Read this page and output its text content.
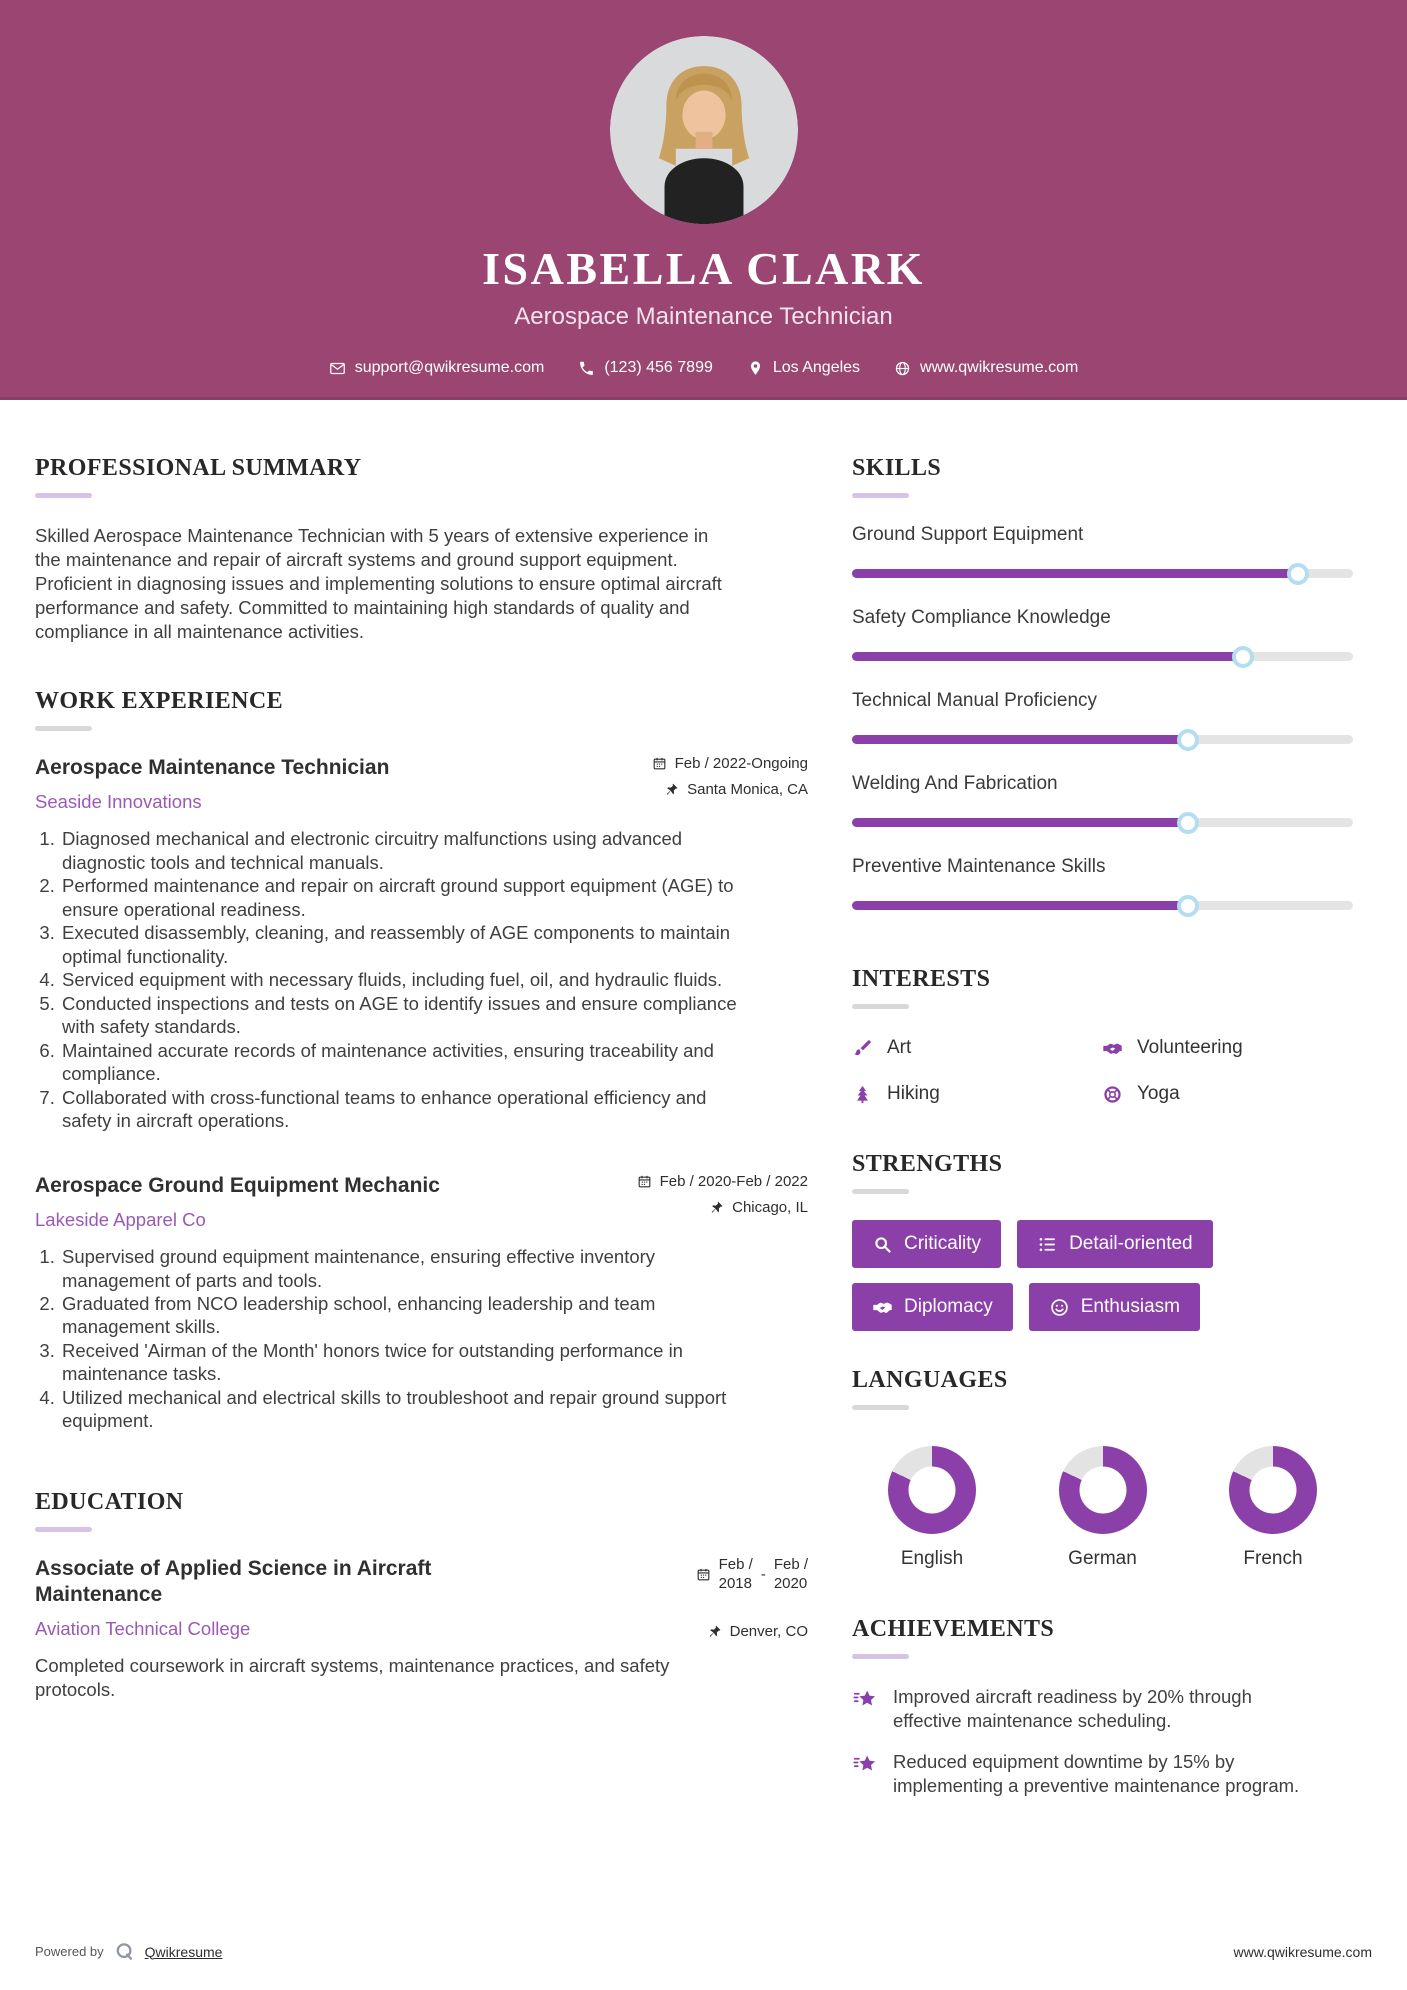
ISABELLA CLARK
Aerospace Maintenance Technician
support@qwikresume.com	(123) 456 7899	Los Angeles	www.qwikresume.com
PROFESSIONAL SUMMARY

Skilled Aerospace Maintenance Technician with 5 years of extensive experience in the maintenance and repair of aircraft systems and ground support equipment. Proficient in diagnosing issues and implementing solutions to ensure optimal aircraft performance and safety. Committed to maintaining high standards of quality and compliance in all maintenance activities.

WORK EXPERIENCE
Aerospace Maintenance Technician
Seaside Innovations
Feb / 2022-Ongoing
Santa Monica, CA
1. Diagnosed mechanical and electronic circuitry malfunctions using advanced diagnostic tools and technical manuals.
2. Performed maintenance and repair on aircraft ground support equipment (AGE) to ensure operational readiness.
3. Executed disassembly, cleaning, and reassembly of AGE components to maintain optimal functionality.
4. Serviced equipment with necessary fluids, including fuel, oil, and hydraulic fluids.
5. Conducted inspections and tests on AGE to identify issues and ensure compliance with safety standards.
6. Maintained accurate records of maintenance activities, ensuring traceability and compliance.
7. Collaborated with cross-functional teams to enhance operational efficiency and safety in aircraft operations.
Aerospace Ground Equipment Mechanic
Lakeside Apparel Co
Feb / 2020-Feb / 2022
Chicago, IL
1. Supervised ground equipment maintenance, ensuring effective inventory management of parts and tools.
2. Graduated from NCO leadership school, enhancing leadership and team management skills.
3. Received 'Airman of the Month' honors twice for outstanding performance in maintenance tasks.
4. Utilized mechanical and electrical skills to troubleshoot and repair ground support equipment.
EDUCATION
Associate of Applied Science in Aircraft Maintenance
Aviation Technical College
Feb /
2018 -
Feb /
2020
Denver, CO

Completed coursework in aircraft systems, maintenance practices, and safety protocols.

SKILLS
Ground Support Equipment
Safety Compliance Knowledge
Technical Manual Proficiency
Welding And Fabrication
Preventive Maintenance Skills
INTERESTS
Art	Volunteering
Hiking	Yoga
STRENGTHS
Criticality	Detail-oriented
Diplomacy	Enthusiasm
LANGUAGES
English	German	French
ACHIEVEMENTS
Improved aircraft readiness by 20% through effective maintenance scheduling.
Reduced equipment downtime by 15% by implementing a preventive maintenance program.
Powered by	Qwikresume	www.qwikresume.com
